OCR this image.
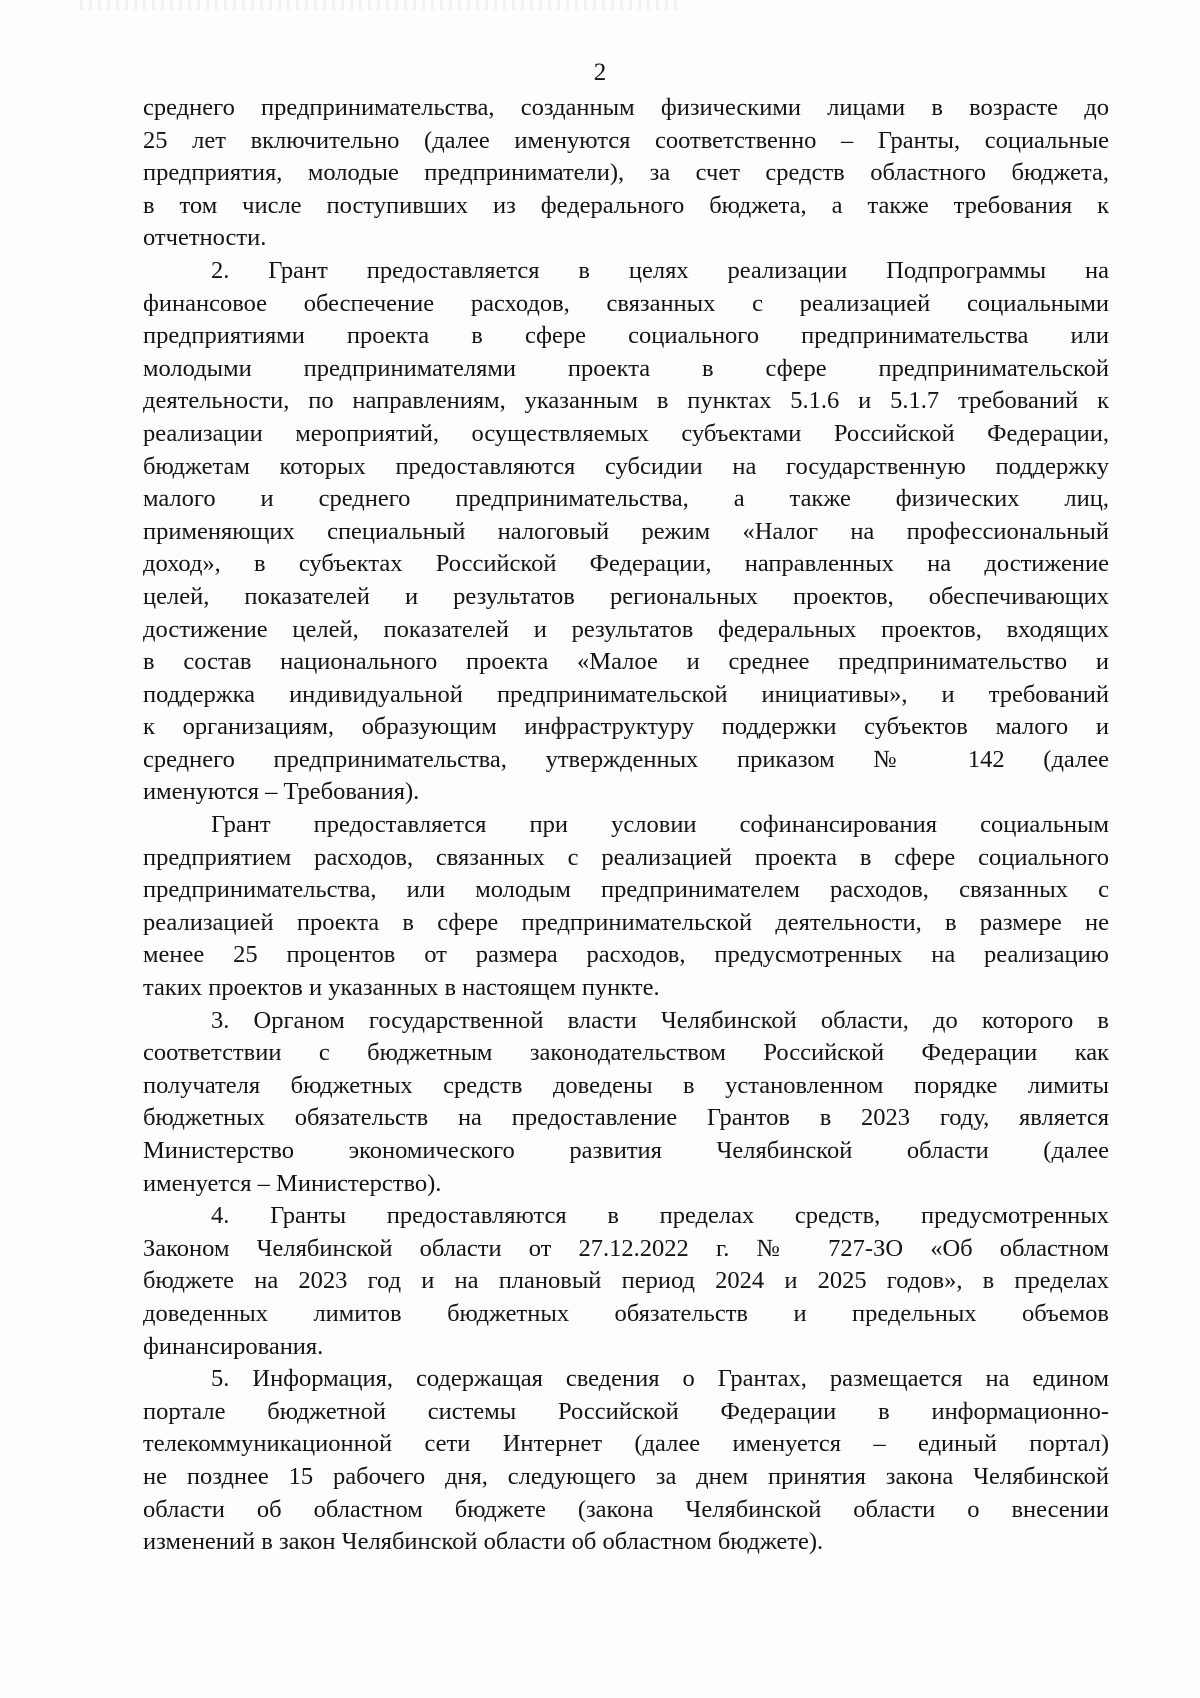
2
среднего предпринимательства, созданным физическими лицами в возрасте до
25 лет включительно (далее именуются соответственно – Гранты, социальные
предприятия, молодые предприниматели), за счет средств областного бюджета,
в том числе поступивших из федерального бюджета, а также требования к
отчетности.
2. Грант предоставляется в целях реализации Подпрограммы на
финансовое обеспечение расходов, связанных с реализацией социальными
предприятиями проекта в сфере социального предпринимательства или
молодыми предпринимателями проекта в сфере предпринимательской
деятельности, по направлениям, указанным в пунктах 5.1.6 и 5.1.7 требований к
реализации мероприятий, осуществляемых субъектами Российской Федерации,
бюджетам которых предоставляются субсидии на государственную поддержку
малого и среднего предпринимательства, а также физических лиц,
применяющих специальный налоговый режим «Налог на профессиональный
доход», в субъектах Российской Федерации, направленных на достижение
целей, показателей и результатов региональных проектов, обеспечивающих
достижение целей, показателей и результатов федеральных проектов, входящих
в состав национального проекта «Малое и среднее предпринимательство и
поддержка индивидуальной предпринимательской инициативы», и требований
к организациям, образующим инфраструктуру поддержки субъектов малого и
среднего предпринимательства, утвержденных приказом № 142 (далее
именуются – Требования).
Грант предоставляется при условии софинансирования социальным
предприятием расходов, связанных с реализацией проекта в сфере социального
предпринимательства, или молодым предпринимателем расходов, связанных с
реализацией проекта в сфере предпринимательской деятельности, в размере не
менее 25 процентов от размера расходов, предусмотренных на реализацию
таких проектов и указанных в настоящем пункте.
3. Органом государственной власти Челябинской области, до которого в
соответствии с бюджетным законодательством Российской Федерации как
получателя бюджетных средств доведены в установленном порядке лимиты
бюджетных обязательств на предоставление Грантов в 2023 году, является
Министерство экономического развития Челябинской области (далее
именуется – Министерство).
4. Гранты предоставляются в пределах средств, предусмотренных
Законом Челябинской области от 27.12.2022 г. № 727-ЗО «Об областном
бюджете на 2023 год и на плановый период 2024 и 2025 годов», в пределах
доведенных лимитов бюджетных обязательств и предельных объемов
финансирования.
5. Информация, содержащая сведения о Грантах, размещается на едином
портале бюджетной системы Российской Федерации в информационно-
телекоммуникационной сети Интернет (далее именуется – единый портал)
не позднее 15 рабочего дня, следующего за днем принятия закона Челябинской
области об областном бюджете (закона Челябинской области о внесении
изменений в закон Челябинской области об областном бюджете).
